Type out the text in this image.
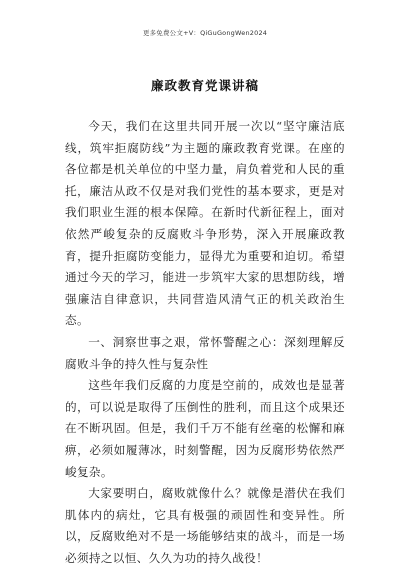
更多免费公文+V：QiGuGongWen2024
廉政教育党课讲稿

今天，我们在这里共同开展一次以“坚守廉洁底线，筑牢拒腐防线”为主题的廉政教育党课。在座的各位都是机关单位的中坚力量，肩负着党和人民的重托，廉洁从政不仅是对我们党性的基本要求，更是对我们职业生涯的根本保障。在新时代新征程上，面对依然严峻复杂的反腐败斗争形势，深入开展廉政教育，提升拒腐防变能力，显得尤为重要和迫切。希望通过今天的学习，能进一步筑牢大家的思想防线，增强廉洁自律意识，共同营造风清气正的机关政治生态。

一、洞察世事之艰，常怀警醒之心：深刻理解反腐败斗争的持久性与复杂性

这些年我们反腐的力度是空前的，成效也是显著的，可以说是取得了压倒性的胜利，而且这个成果还在不断巩固。但是，我们千万不能有丝毫的松懈和麻痹，必须如履薄冰，时刻警醒，因为反腐形势依然严峻复杂。

大家要明白，腐败就像什么？就像是潜伏在我们肌体内的病灶，它具有极强的顽固性和变异性。所以，反腐败绝对不是一场能够结束的战斗，而是一场必须持之以恒、久久为功的持久战役！
